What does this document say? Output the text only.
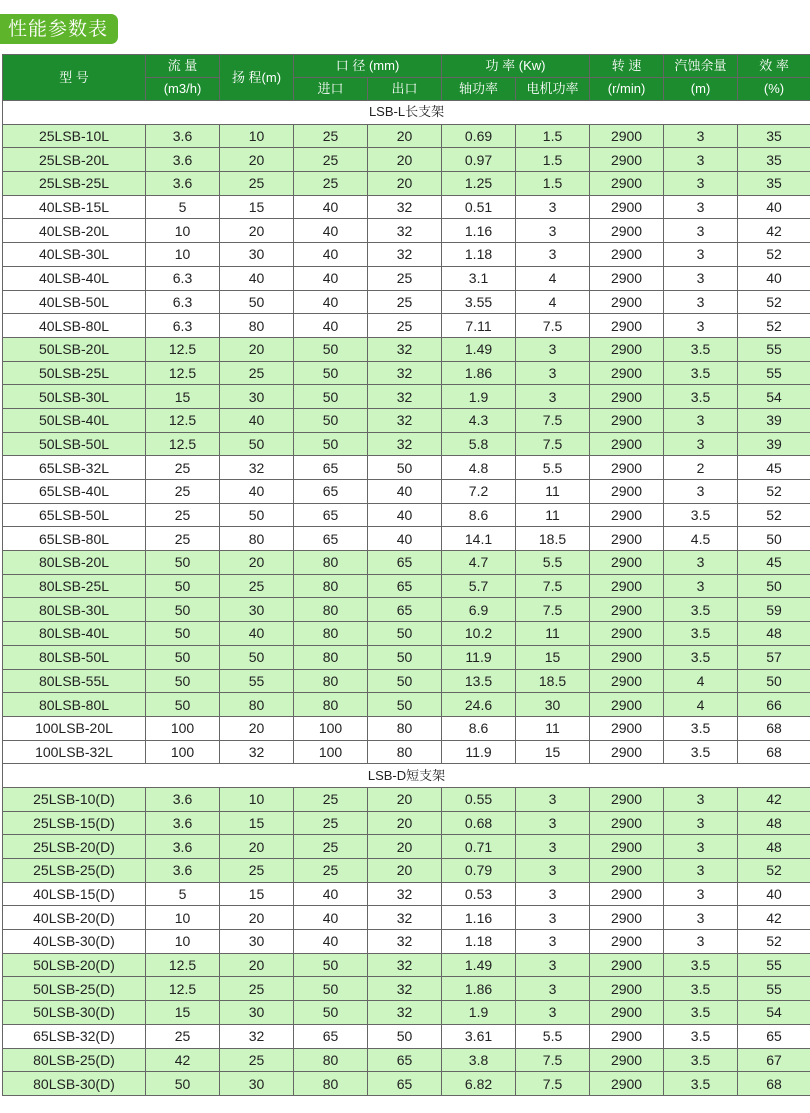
性能参数表
型 号	流 量	扬 程(m)	口 径 (mm)		功 率 (Kw)		转 速	汽蚀余量	效 率
	(m3/h)		进口	出口	轴功率	电机功率	(r/min)	(m)	(%)
LSB-L长支架									
25LSB-10L	3.6	10	25	20	0.69	1.5	2900	3	35
25LSB-20L	3.6	20	25	20	0.97	1.5	2900	3	35
25LSB-25L	3.6	25	25	20	1.25	1.5	2900	3	35
40LSB-15L	5	15	40	32	0.51	3	2900	3	40
40LSB-20L	10	20	40	32	1.16	3	2900	3	42
40LSB-30L	10	30	40	32	1.18	3	2900	3	52
40LSB-40L	6.3	40	40	25	3.1	4	2900	3	40
40LSB-50L	6.3	50	40	25	3.55	4	2900	3	52
40LSB-80L	6.3	80	40	25	7.11	7.5	2900	3	52
50LSB-20L	12.5	20	50	32	1.49	3	2900	3.5	55
50LSB-25L	12.5	25	50	32	1.86	3	2900	3.5	55
50LSB-30L	15	30	50	32	1.9	3	2900	3.5	54
50LSB-40L	12.5	40	50	32	4.3	7.5	2900	3	39
50LSB-50L	12.5	50	50	32	5.8	7.5	2900	3	39
65LSB-32L	25	32	65	50	4.8	5.5	2900	2	45
65LSB-40L	25	40	65	40	7.2	11	2900	3	52
65LSB-50L	25	50	65	40	8.6	11	2900	3.5	52
65LSB-80L	25	80	65	40	14.1	18.5	2900	4.5	50
80LSB-20L	50	20	80	65	4.7	5.5	2900	3	45
80LSB-25L	50	25	80	65	5.7	7.5	2900	3	50
80LSB-30L	50	30	80	65	6.9	7.5	2900	3.5	59
80LSB-40L	50	40	80	50	10.2	11	2900	3.5	48
80LSB-50L	50	50	80	50	11.9	15	2900	3.5	57
80LSB-55L	50	55	80	50	13.5	18.5	2900	4	50
80LSB-80L	50	80	80	50	24.6	30	2900	4	66
100LSB-20L	100	20	100	80	8.6	11	2900	3.5	68
100LSB-32L	100	32	100	80	11.9	15	2900	3.5	68
LSB-D短支架									
25LSB-10(D)	3.6	10	25	20	0.55	3	2900	3	42
25LSB-15(D)	3.6	15	25	20	0.68	3	2900	3	48
25LSB-20(D)	3.6	20	25	20	0.71	3	2900	3	48
25LSB-25(D)	3.6	25	25	20	0.79	3	2900	3	52
40LSB-15(D)	5	15	40	32	0.53	3	2900	3	40
40LSB-20(D)	10	20	40	32	1.16	3	2900	3	42
40LSB-30(D)	10	30	40	32	1.18	3	2900	3	52
50LSB-20(D)	12.5	20	50	32	1.49	3	2900	3.5	55
50LSB-25(D)	12.5	25	50	32	1.86	3	2900	3.5	55
50LSB-30(D)	15	30	50	32	1.9	3	2900	3.5	54
65LSB-32(D)	25	32	65	50	3.61	5.5	2900	3.5	65
80LSB-25(D)	42	25	80	65	3.8	7.5	2900	3.5	67
80LSB-30(D)	50	30	80	65	6.82	7.5	2900	3.5	68
